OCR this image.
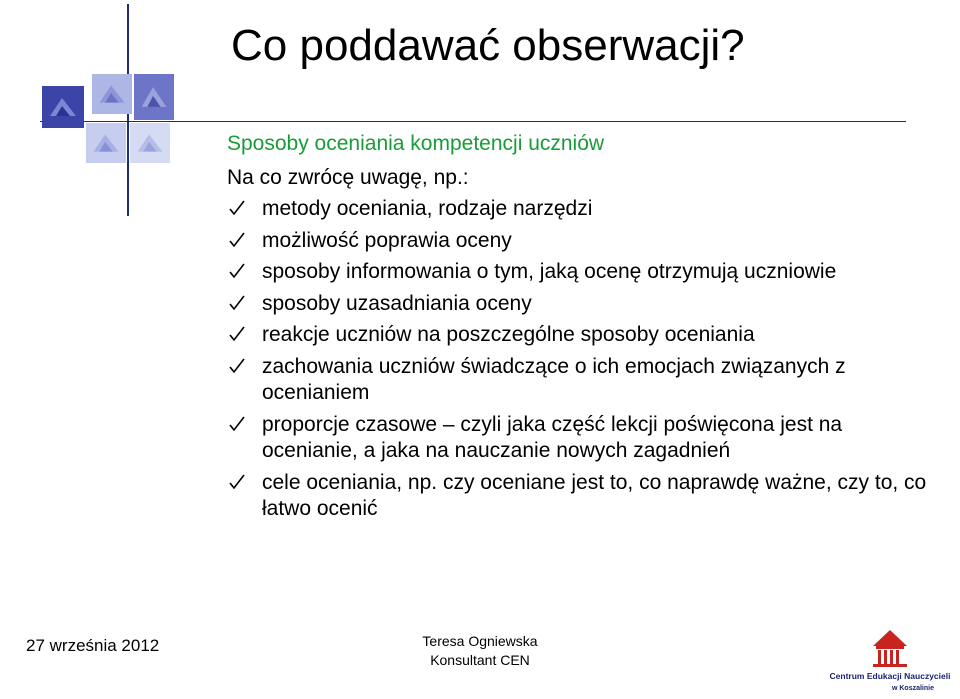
Co poddawać obserwacji?
Sposoby oceniania kompetencji uczniów
Na co zwrócę uwagę, np.:
metody oceniania, rodzaje narzędzi
możliwość poprawia oceny
sposoby informowania o tym, jaką ocenę otrzymują uczniowie
sposoby uzasadniania oceny
reakcje uczniów na poszczególne sposoby oceniania
zachowania uczniów świadczące o ich emocjach związanych z ocenianiem
proporcje czasowe – czyli jaka część lekcji poświęcona jest na ocenianie, a jaka na nauczanie nowych zagadnień
cele oceniania, np. czy oceniane jest to, co naprawdę ważne, czy to, co łatwo ocenić
27 września 2012	Teresa Ogniewska
Konsultant CEN
Centrum Edukacji Nauczycieli
w Koszalinie
